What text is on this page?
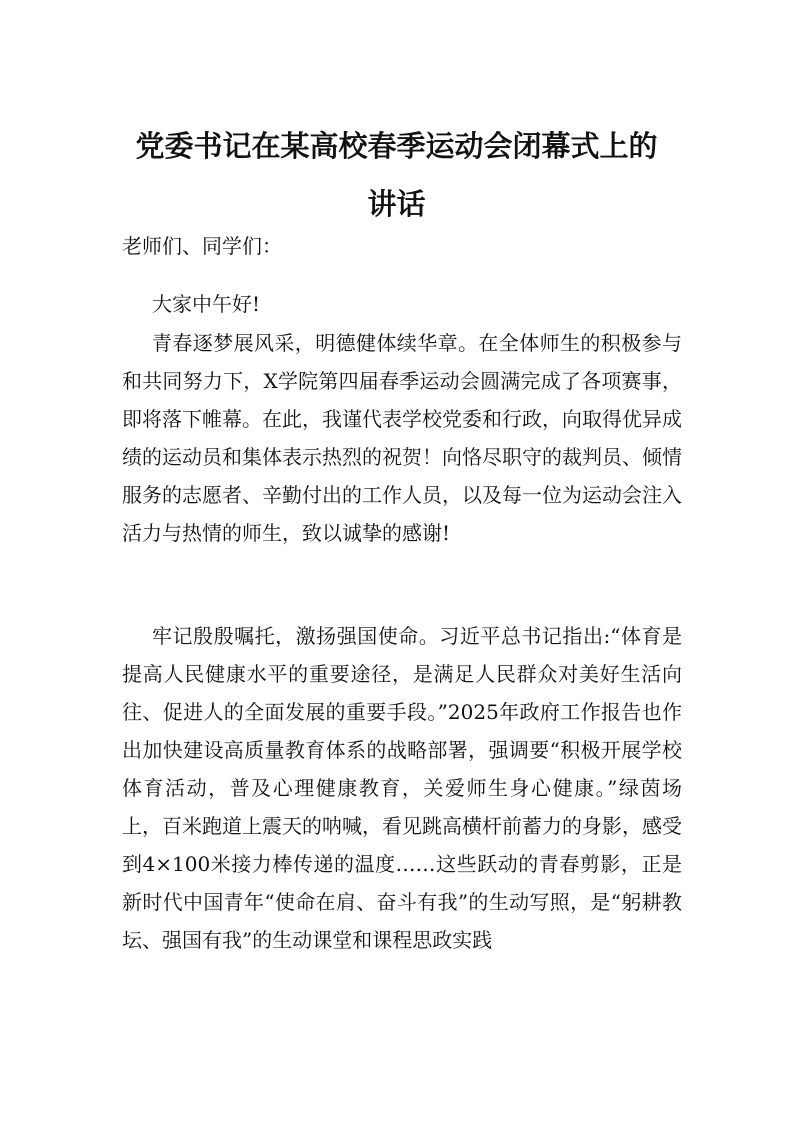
党委书记在某高校春季运动会闭幕式上的
讲话

老师们、同学们：

大家中午好!

青春逐梦展风采，明德健体续华章。在全体师生的积极参与和共同努力下，X学院第四届春季运动会圆满完成了各项赛事，即将落下帷幕。在此，我谨代表学校党委和行政，向取得优异成绩的运动员和集体表示热烈的祝贺！向恪尽职守的裁判员、倾情服务的志愿者、辛勤付出的工作人员，以及每一位为运动会注入活力与热情的师生，致以诚挚的感谢!

牢记殷殷嘱托，激扬强国使命。习近平总书记指出:“体育是提高人民健康水平的重要途径，是满足人民群众对美好生活向往、促进人的全面发展的重要手段。”2025年政府工作报告也作出加快建设高质量教育体系的战略部署，强调要“积极开展学校体育活动，普及心理健康教育，关爱师生身心健康。”绿茵场上，百米跑道上震天的呐喊，看见跳高横杆前蓄力的身影，感受到4×100米接力棒传递的温度……这些跃动的青春剪影，正是新时代中国青年“使命在肩、奋斗有我”的生动写照，是“躬耕教坛、强国有我”的生动课堂和课程思政实践
